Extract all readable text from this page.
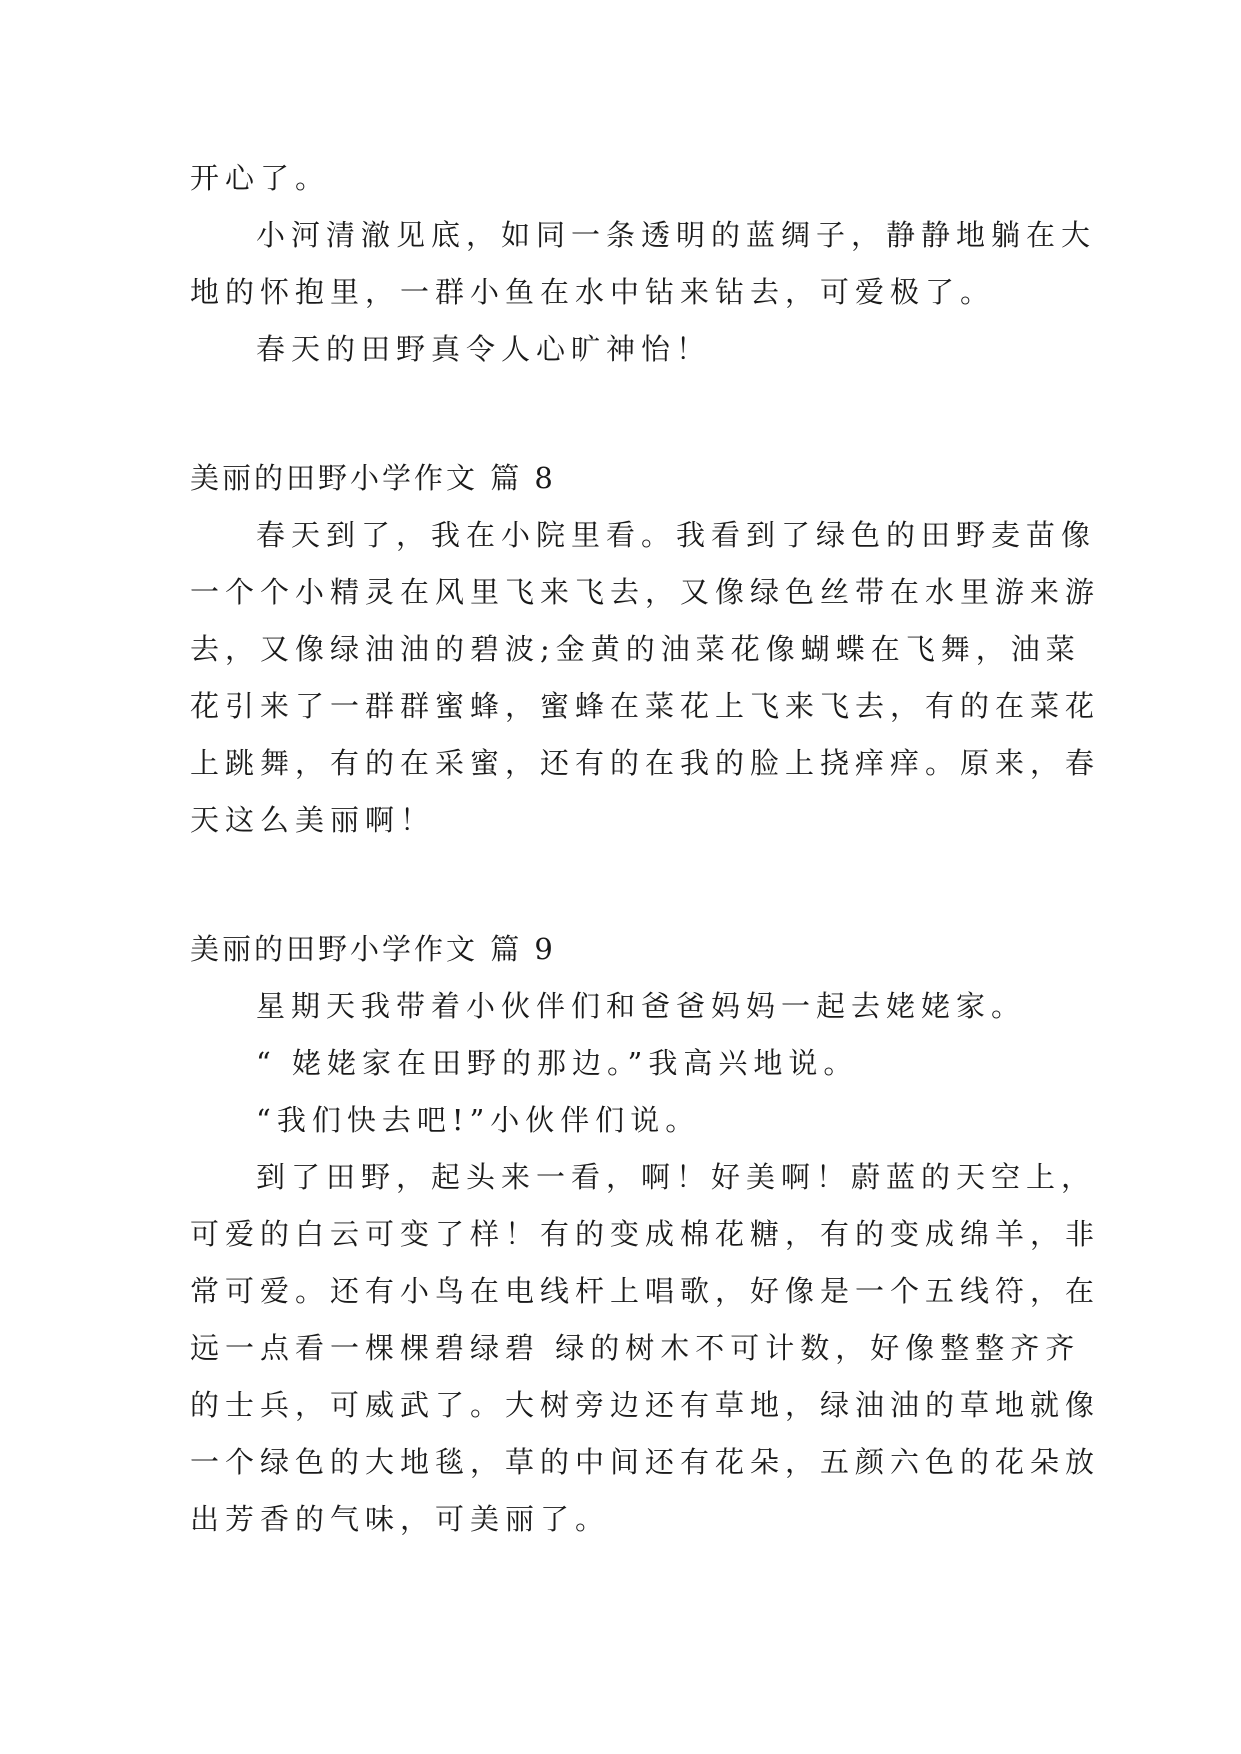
开心了。

小河清澈见底，如同一条透明的蓝绸子，静静地躺在大

地的怀抱里，一群小鱼在水中钻来钻去，可爱极了。

春天的田野真令人心旷神怡！

美丽的田野小学作文 篇 8

春天到了，我在小院里看。我看到了绿色的田野麦苗像

一个个小精灵在风里飞来飞去，又像绿色丝带在水里游来游

去，又像绿油油的碧波;金黄的油菜花像蝴蝶在飞舞，油菜

花引来了一群群蜜蜂，蜜蜂在菜花上飞来飞去，有的在菜花

上跳舞，有的在采蜜，还有的在我的脸上挠痒痒。原来，春

天这么美丽啊！

美丽的田野小学作文 篇 9

星期天我带着小伙伴们和爸爸妈妈一起去姥姥家。

“ 姥姥家在田野的那边。”我高兴地说。

“我们快去吧!”小伙伴们说。

到了田野，起头来一看，啊！好美啊！蔚蓝的天空上，

可爱的白云可变了样！有的变成棉花糖，有的变成绵羊，非

常可爱。还有小鸟在电线杆上唱歌，好像是一个五线符，在

远一点看一棵棵碧绿碧 绿的树木不可计数，好像整整齐齐

的士兵，可威武了。大树旁边还有草地，绿油油的草地就像

一个绿色的大地毯，草的中间还有花朵，五颜六色的花朵放

出芳香的气味，可美丽了。
